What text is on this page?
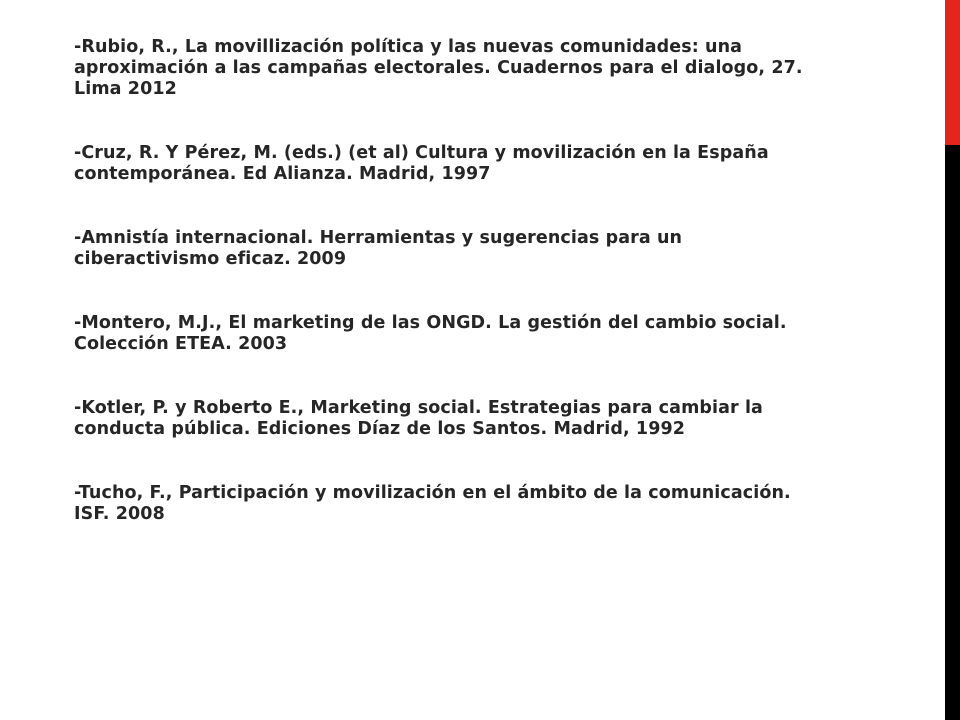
-Rubio, R., La movillización política y las nuevas comunidades: una aproximación a las campañas electorales. Cuadernos para el dialogo, 27. Lima 2012
-Cruz, R. Y Pérez, M. (eds.) (et al) Cultura y movilización en la España contemporánea. Ed Alianza. Madrid, 1997
-Amnistía internacional. Herramientas y sugerencias para un ciberactivismo eficaz. 2009
-Montero, M.J., El marketing de las ONGD. La gestión del cambio social. Colección ETEA. 2003
-Kotler, P. y Roberto E., Marketing social. Estrategias para cambiar la conducta pública. Ediciones Díaz de los Santos. Madrid, 1992
-Tucho, F., Participación y movilización en el ámbito de la comunicación. ISF. 2008
